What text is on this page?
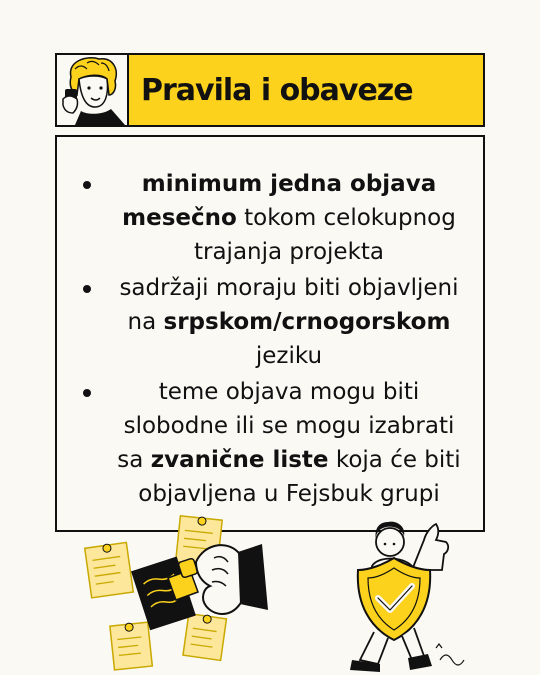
Pravila i obaveze
minimum jedna objava mesečno tokom celokupnog trajanja projekta
sadržaji moraju biti objavljeni na srpskom/crnogorskom jeziku
teme objava mogu biti slobodne ili se mogu izabrati sa zvanične liste koja će biti objavljena u Fejsbuk grupi
